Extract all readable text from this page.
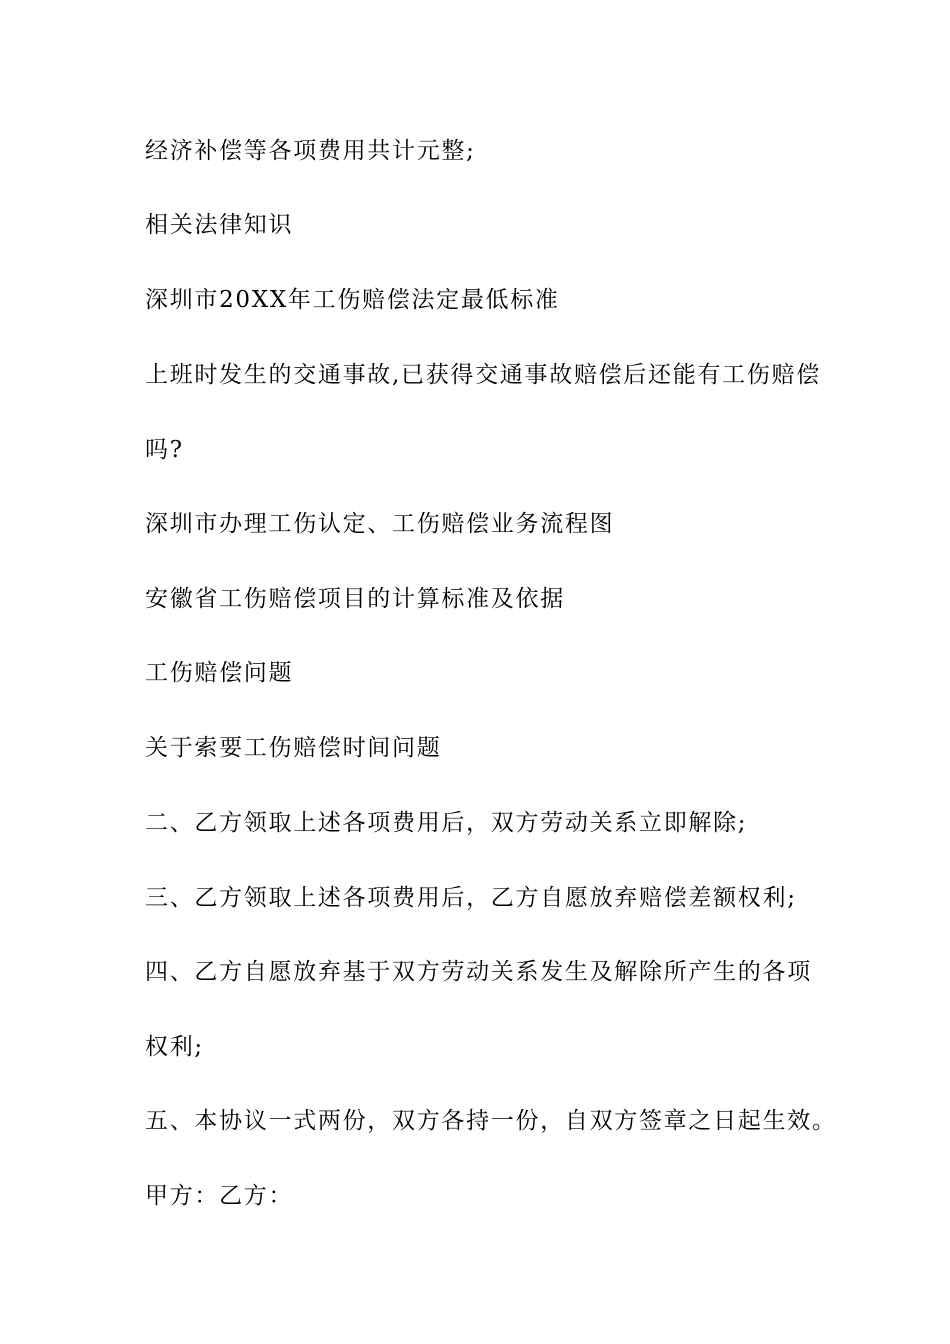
经济补偿等各项费用共计元整;
相关法律知识
深圳市20XX年工伤赔偿法定最低标准
上班时发生的交通事故,已获得交通事故赔偿后还能有工伤赔偿
吗?
深圳市办理工伤认定、工伤赔偿业务流程图
安徽省工伤赔偿项目的计算标准及依据
工伤赔偿问题
关于索要工伤赔偿时间问题
二、乙方领取上述各项费用后，双方劳动关系立即解除;
三、乙方领取上述各项费用后，乙方自愿放弃赔偿差额权利;
四、乙方自愿放弃基于双方劳动关系发生及解除所产生的各项
权利;
五、本协议一式两份，双方各持一份，自双方签章之日起生效。
甲方：乙方：
